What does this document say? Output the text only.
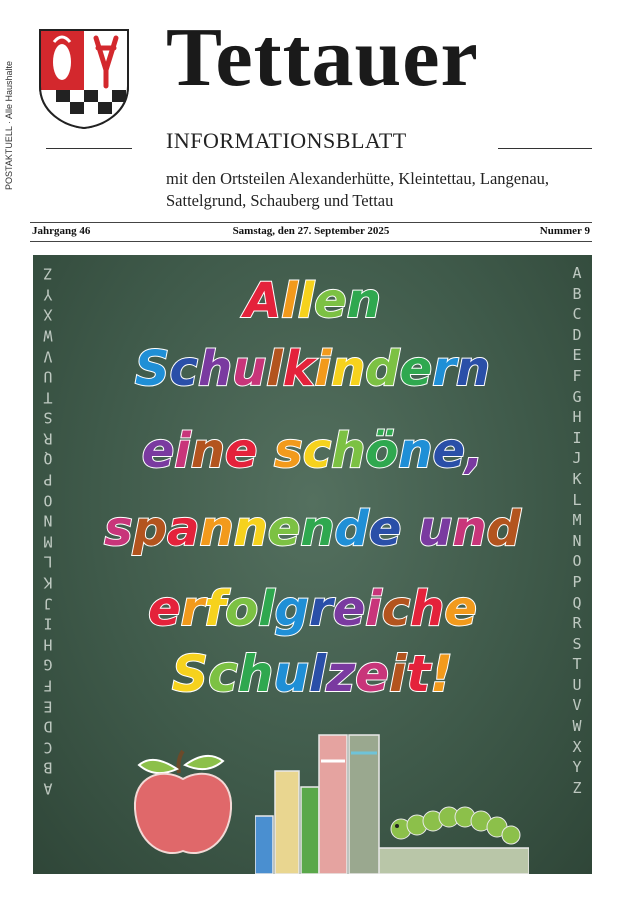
POSTAKTUELL · Alle Haushalte
Tettauer
INFORMATIONSBLATT
mit den Ortsteilen Alexanderhütte, Kleintettau, Langenau,
Sattelgrund, Schauberg und Tettau
Jahrgang 46	Samstag, den 27. September 2025	Nummer 9
A
B
C
D
E
F
G
H
I
J
K
L
M
N
O
P
Q
R
S
T
U
V
W
X
Y
Z	A
B
C
D
E
F
G
H
I
J
K
L
M
N
O
P
Q
R
S
T
U
V
W
X
Y
Z
Allen
Schulkindern
eine schöne,
spannende und
erfolgreiche
Schulzeit!
